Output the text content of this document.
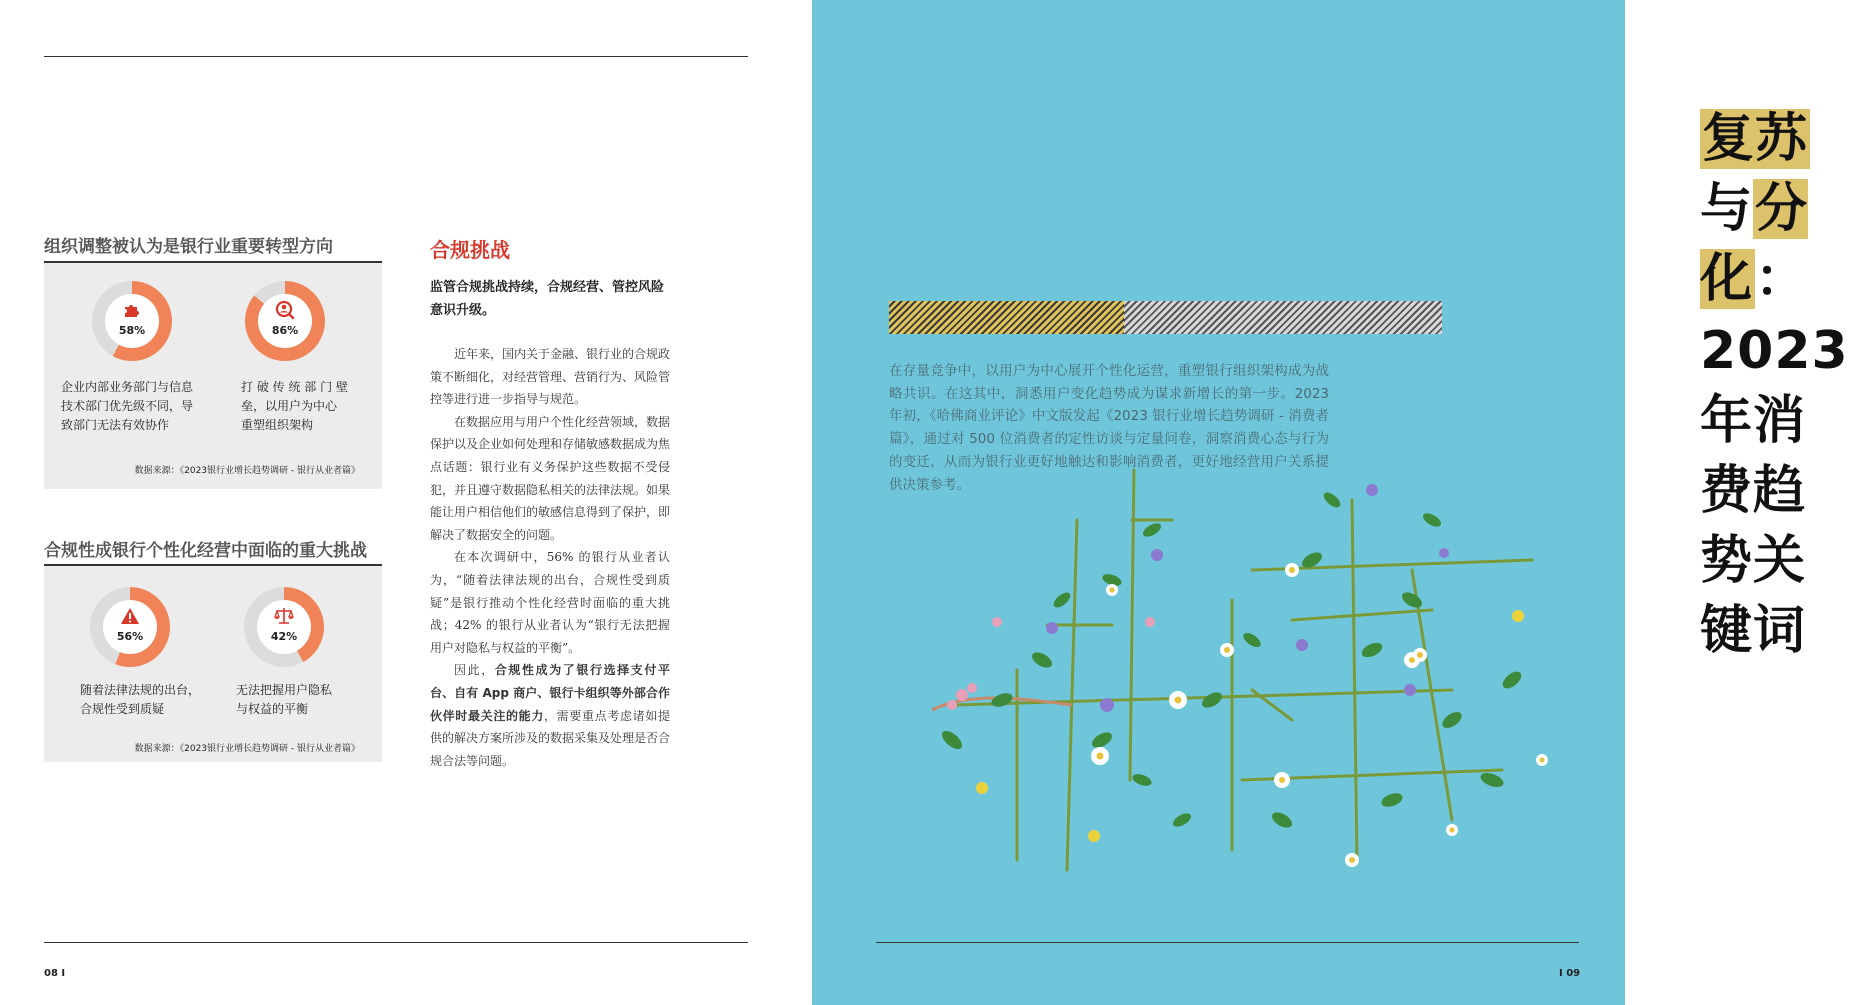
组织调整被认为是银行业重要转型方向
58%	86%
企业内部业务部门与信息
技术部门优先级不同，导
致部门无法有效协作
打 破 传 统 部 门 壁
垒，以用户为中心
重塑组织架构
数据来源：《2023银行业增长趋势调研 - 银行从业者篇》
合规性成银行个性化经营中面临的重大挑战
56%	42%
随着法律法规的出台，
合规性受到质疑
无法把握用户隐私
与权益的平衡
数据来源：《2023银行业增长趋势调研 - 银行从业者篇》
合规挑战
监管合规挑战持续，合规经营、管控风险意识升级。

近年来，国内关于金融、银行业的合规政策不断细化，对经营管理、营销行为、风险管控等进行进一步指导与规范。

在数据应用与用户个性化经营领域，数据保护以及企业如何处理和存储敏感数据成为焦点话题：银行业有义务保护这些数据不受侵犯，并且遵守数据隐私相关的法律法规。如果能让用户相信他们的敏感信息得到了保护，即解决了数据安全的问题。

在本次调研中，56% 的银行从业者认为，“随着法律法规的出台，合规性受到质疑”是银行推动个性化经营时面临的重大挑战；42% 的银行从业者认为“银行无法把握用户对隐私与权益的平衡”。

因此，合规性成为了银行选择支付平台、自有 App 商户、银行卡组织等外部合作伙伴时最关注的能力，需要重点考虑诸如提供的解决方案所涉及的数据采集及处理是否合规合法等问题。

08 I
复苏与分化：
2023 年消费趋势关键词
在存量竞争中，以用户为中心展开个性化运营，重塑银行组织架构成为战略共识。在这其中，洞悉用户变化趋势成为谋求新增长的第一步。2023 年初，《哈佛商业评论》中文版发起《2023 银行业增长趋势调研 - 消费者篇》，通过对 500 位消费者的定性访谈与定量问卷，洞察消费心态与行为的变迁，从而为银行业更好地触达和影响消费者，更好地经营用户关系提供决策参考。
I 09
